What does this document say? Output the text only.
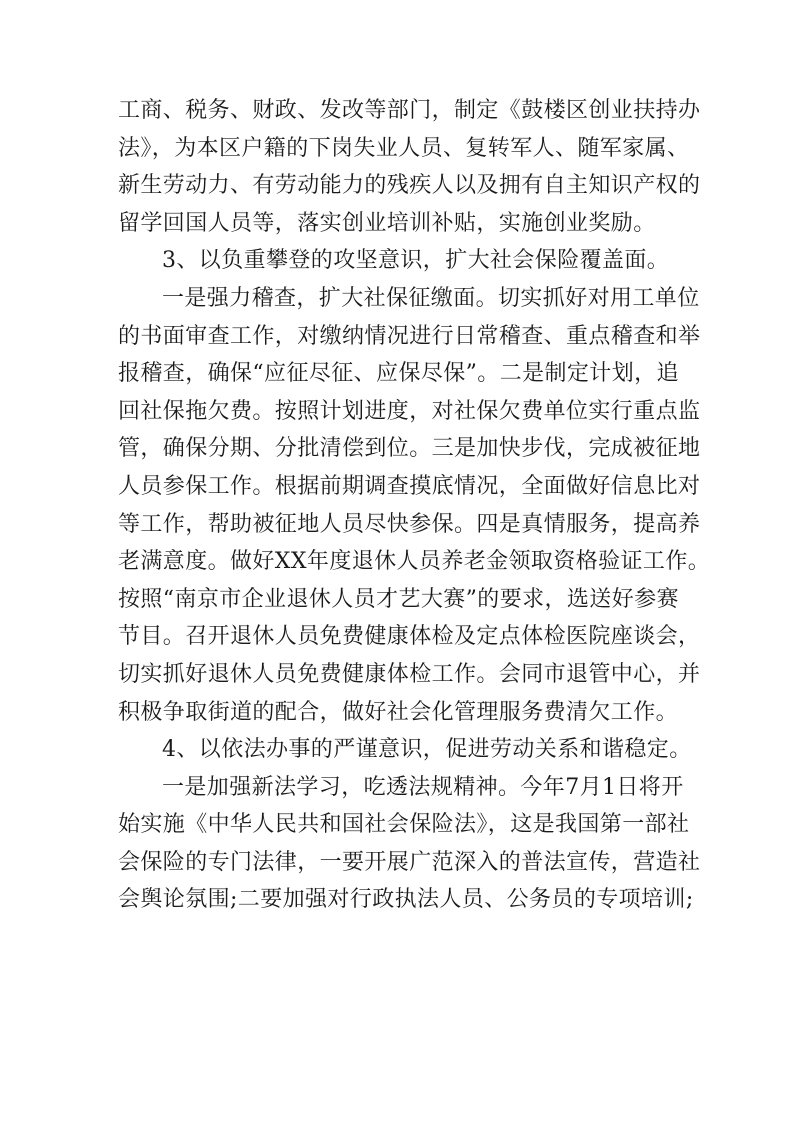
工商、税务、财政、发改等部门，制定《鼓楼区创业扶持办
法》，为本区户籍的下岗失业人员、复转军人、随军家属、
新生劳动力、有劳动能力的残疾人以及拥有自主知识产权的
留学回国人员等，落实创业培训补贴，实施创业奖励。
3、以负重攀登的攻坚意识，扩大社会保险覆盖面。
一是强力稽查，扩大社保征缴面。切实抓好对用工单位
的书面审查工作，对缴纳情况进行日常稽查、重点稽查和举
报稽查，确保“应征尽征、应保尽保”。二是制定计划，追
回社保拖欠费。按照计划进度，对社保欠费单位实行重点监
管，确保分期、分批清偿到位。三是加快步伐，完成被征地
人员参保工作。根据前期调查摸底情况，全面做好信息比对
等工作，帮助被征地人员尽快参保。四是真情服务，提高养
老满意度。做好XX年度退休人员养老金领取资格验证工作。
按照“南京市企业退休人员才艺大赛”的要求，选送好参赛
节目。召开退休人员免费健康体检及定点体检医院座谈会，
切实抓好退休人员免费健康体检工作。会同市退管中心，并
积极争取街道的配合，做好社会化管理服务费清欠工作。
4、以依法办事的严谨意识，促进劳动关系和谐稳定。
一是加强新法学习，吃透法规精神。今年7月1日将开
始实施《中华人民共和国社会保险法》，这是我国第一部社
会保险的专门法律，一要开展广范深入的普法宣传，营造社
会舆论氛围;二要加强对行政执法人员、公务员的专项培训;
